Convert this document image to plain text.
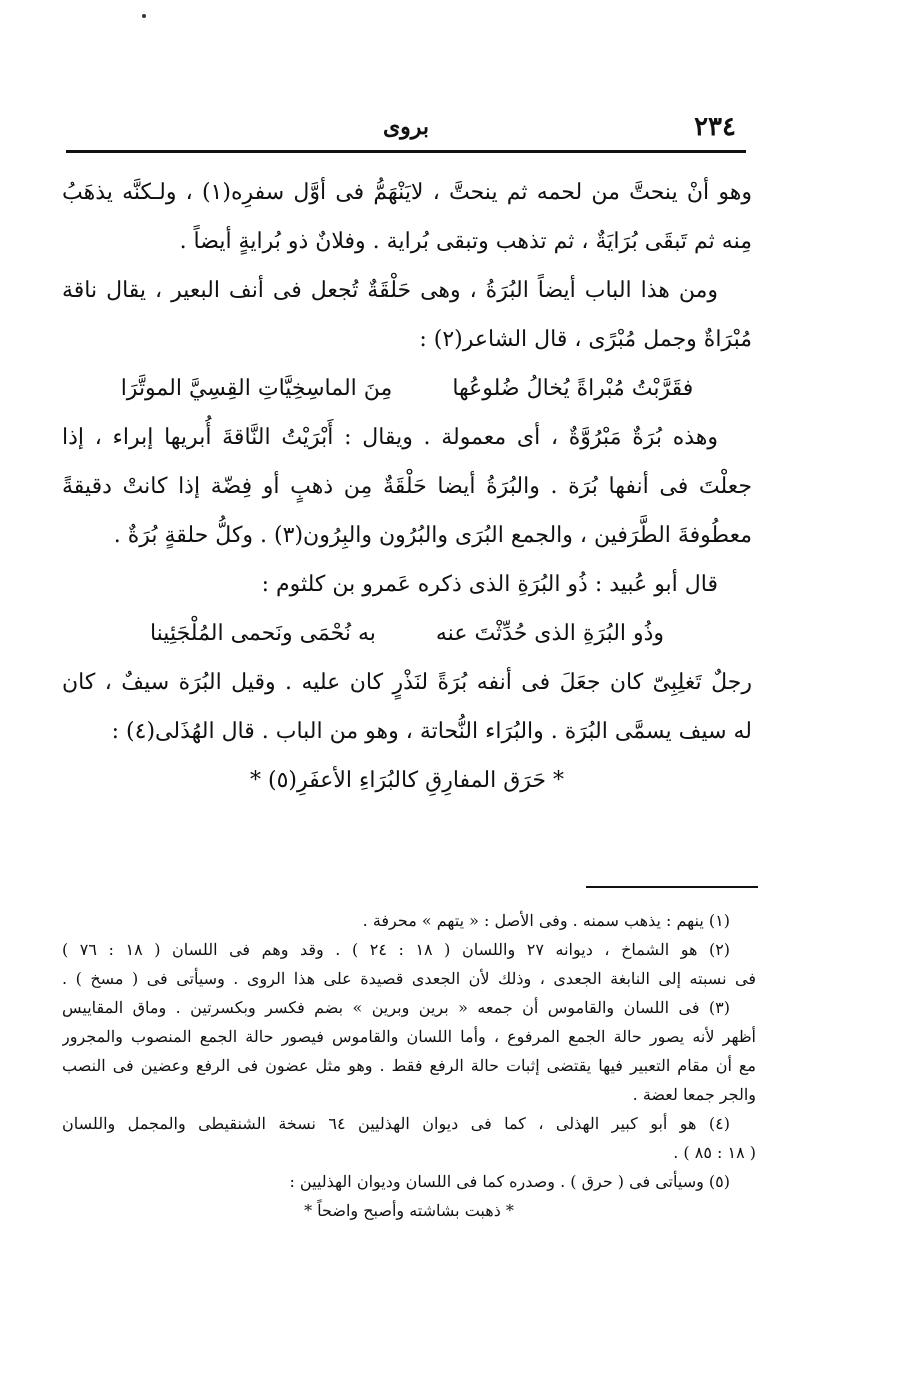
٢٣٤
بروى
وهو أنْ ينحتَّ من لحمه ثم ينحتَّ ، لايَنْهَمُّ فى أوَّل سفرِه(١) ، ولـكنَّه يذهَبُ
مِنه ثم تَبقَى بُرَايَةٌ ، ثم تذهب وتبقى بُراية . وفلانٌ ذو بُرايةٍ أيضاً .
ومن هذا الباب أيضاً البُرَةُ ، وهى حَلْقَةٌ تُجعل فى أنف البعير ، يقال ناقة
مُبْرَاةٌ وجمل مُبْرًى ، قال الشاعر(٢) :
فقَرَّبْتُ مُبْراةً يُخالُ ضُلوعُها
مِنَ الماسِخِيَّاتِ القِسِيَّ الموتَّرَا
وهذه بُرَةٌ مَبْرُوَّةٌ ، أى معمولة . ويقال : أَبْرَيْتُ النَّاقةَ أُبريها إبراء ، إذا
جعلْتَ فى أنفها بُرَة . والبُرَةُ أيضا حَلْقَةٌ مِن ذهبٍ أو فِضّة إذا كانتْ دقيقةً
معطُوفةَ الطَّرَفين ، والجمع البُرَى والبُرُون والبِرُون(٣) . وكلُّ حلقةٍ بُرَةٌ .
قال أبو عُبيد : ذُو البُرَةِ الذى ذكره عَمرو بن كلثوم :
وذُو البُرَةِ الذى حُدِّثْتَ عنه
به نُحْمَى ونَحمى المُلْجَئِينا
رجلٌ تَغلِبِىّ كان جعَلَ فى أنفه بُرَةً لنَذْرٍ كان عليه . وقيل البُرَة سيفٌ ، كان
له سيف يسمَّى البُرَة . والبُرَاء النُّحاتة ، وهو من الباب . قال الهُذَلى(٤) :
* حَرَق المفارِقِ كالبُرَاءِ الأعفَرِ(٥) *
(١) ينهم : يذهب سمنه . وفى الأصل : « يتهم » محرفة .
(٢) هو الشماخ ، ديوانه ٢٧ واللسان ( ١٨ : ٢٤ ) . وقد وهم فى اللسان ( ١٨ : ٧٦ )
فى نسبته إلى النابغة الجعدى ، وذلك لأن الجعدى قصيدة على هذا الروى . وسيأتى فى ( مسخ ) .
(٣) فى اللسان والقاموس أن جمعه « برين وبرين » بضم فكسر وبكسرتين . وماق المقاييس
أظهر لأنه يصور حالة الجمع المرفوع ، وأما اللسان والقاموس فيصور حالة الجمع المنصوب والمجرور
مع أن مقام التعبير فيها يقتضى إثبات حالة الرفع فقط . وهو مثل عضون فى الرفع وعضين فى النصب
والجر جمعا لعضة .
(٤) هو أبو كبير الهذلى ، كما فى ديوان الهذليين ٦٤ نسخة الشنقيطى والمجمل واللسان
( ١٨ : ٨٥ ) .
(٥) وسيأتى فى ( حرق ) . وصدره كما فى اللسان وديوان الهذليين :
* ذهبت بشاشته وأصبح واضحاً *
